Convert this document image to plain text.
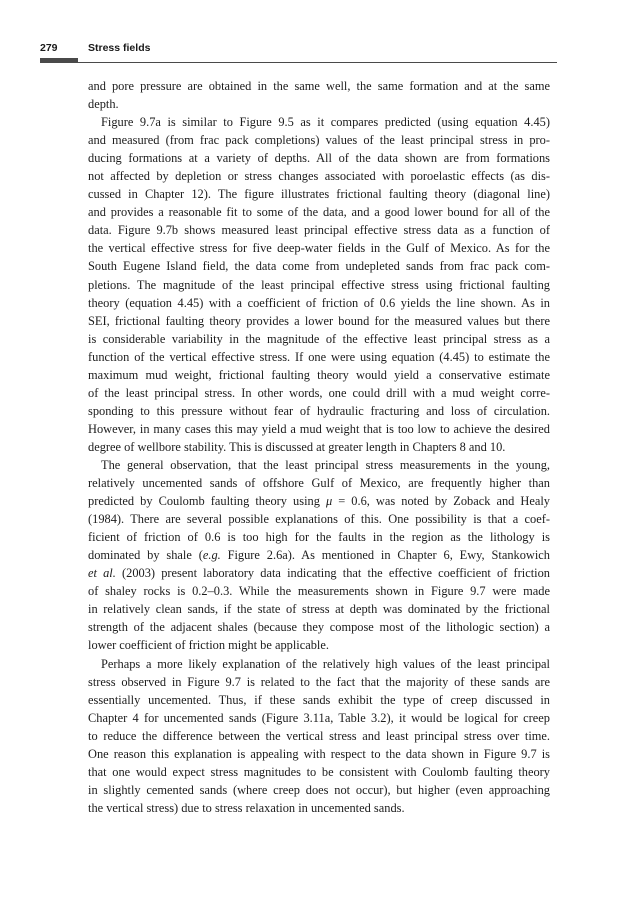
279	Stress fields

and pore pressure are obtained in the same well, the same formation and at the same
depth.

Figure 9.7a is similar to Figure 9.5 as it compares predicted (using equation 4.45)
and measured (from frac pack completions) values of the least principal stress in pro-
ducing formations at a variety of depths. All of the data shown are from formations
not affected by depletion or stress changes associated with poroelastic effects (as dis-
cussed in Chapter 12). The figure illustrates frictional faulting theory (diagonal line)
and provides a reasonable fit to some of the data, and a good lower bound for all of the
data. Figure 9.7b shows measured least principal effective stress data as a function of
the vertical effective stress for five deep-water fields in the Gulf of Mexico. As for the
South Eugene Island field, the data come from undepleted sands from frac pack com-
pletions. The magnitude of the least principal effective stress using frictional faulting
theory (equation 4.45) with a coefficient of friction of 0.6 yields the line shown. As in
SEI, frictional faulting theory provides a lower bound for the measured values but there
is considerable variability in the magnitude of the effective least principal stress as a
function of the vertical effective stress. If one were using equation (4.45) to estimate the
maximum mud weight, frictional faulting theory would yield a conservative estimate
of the least principal stress. In other words, one could drill with a mud weight corre-
sponding to this pressure without fear of hydraulic fracturing and loss of circulation.
However, in many cases this may yield a mud weight that is too low to achieve the desired
degree of wellbore stability. This is discussed at greater length in Chapters 8 and 10.

The general observation, that the least principal stress measurements in the young,
relatively uncemented sands of offshore Gulf of Mexico, are frequently higher than
predicted by Coulomb faulting theory using μ = 0.6, was noted by Zoback and Healy
(1984). There are several possible explanations of this. One possibility is that a coef-
ficient of friction of 0.6 is too high for the faults in the region as the lithology is
dominated by shale (e.g. Figure 2.6a). As mentioned in Chapter 6, Ewy, Stankowich
et al. (2003) present laboratory data indicating that the effective coefficient of friction
of shaley rocks is 0.2–0.3. While the measurements shown in Figure 9.7 were made
in relatively clean sands, if the state of stress at depth was dominated by the frictional
strength of the adjacent shales (because they compose most of the lithologic section) a
lower coefficient of friction might be applicable.

Perhaps a more likely explanation of the relatively high values of the least principal
stress observed in Figure 9.7 is related to the fact that the majority of these sands are
essentially uncemented. Thus, if these sands exhibit the type of creep discussed in
Chapter 4 for uncemented sands (Figure 3.11a, Table 3.2), it would be logical for creep
to reduce the difference between the vertical stress and least principal stress over time.
One reason this explanation is appealing with respect to the data shown in Figure 9.7 is
that one would expect stress magnitudes to be consistent with Coulomb faulting theory
in slightly cemented sands (where creep does not occur), but higher (even approaching
the vertical stress) due to stress relaxation in uncemented sands.
